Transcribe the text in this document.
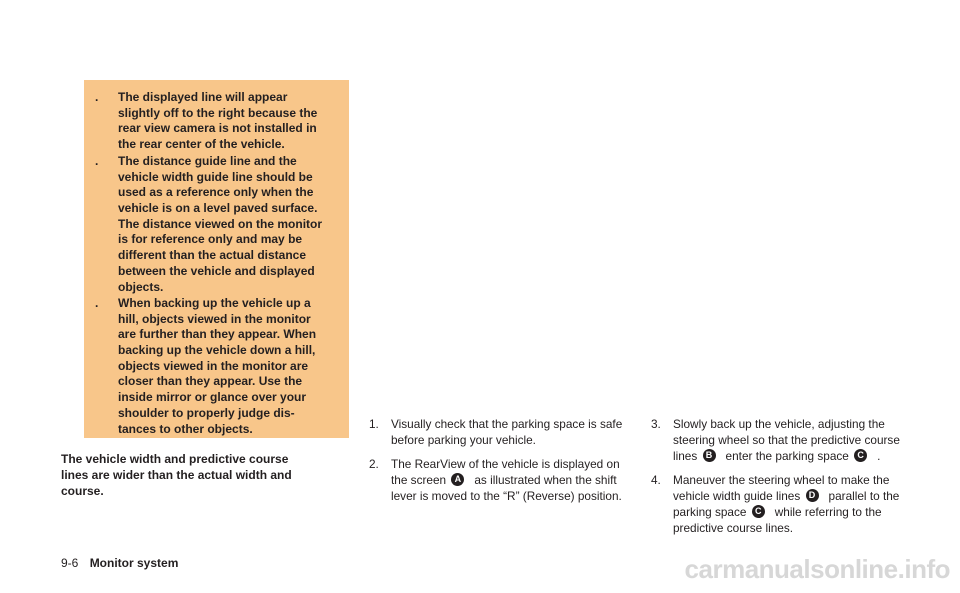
. The displayed line will appear
slightly off to the right because the
rear view camera is not installed in
the rear center of the vehicle.
. The distance guide line and the
vehicle width guide line should be
used as a reference only when the
vehicle is on a level paved surface.
The distance viewed on the monitor
is for reference only and may be
different than the actual distance
between the vehicle and displayed
objects.
. When backing up the vehicle up a
hill, objects viewed in the monitor
are further than they appear. When
backing up the vehicle down a hill,
objects viewed in the monitor are
closer than they appear. Use the
inside mirror or glance over your
shoulder to properly judge dis-
tances to other objects.
The vehicle width and predictive course
lines are wider than the actual width and
course.
1. Visually check that the parking space is safe
before parking your vehicle.
2. The RearView of the vehicle is displayed on
the screen A as illustrated when the shift
lever is moved to the “R” (Reverse) position.
3. Slowly back up the vehicle, adjusting the
steering wheel so that the predictive course
lines B enter the parking space C .
4. Maneuver the steering wheel to make the
vehicle width guide lines D parallel to the
parking space C while referring to the
predictive course lines.
9-6 Monitor system	carmanualsonline.info
